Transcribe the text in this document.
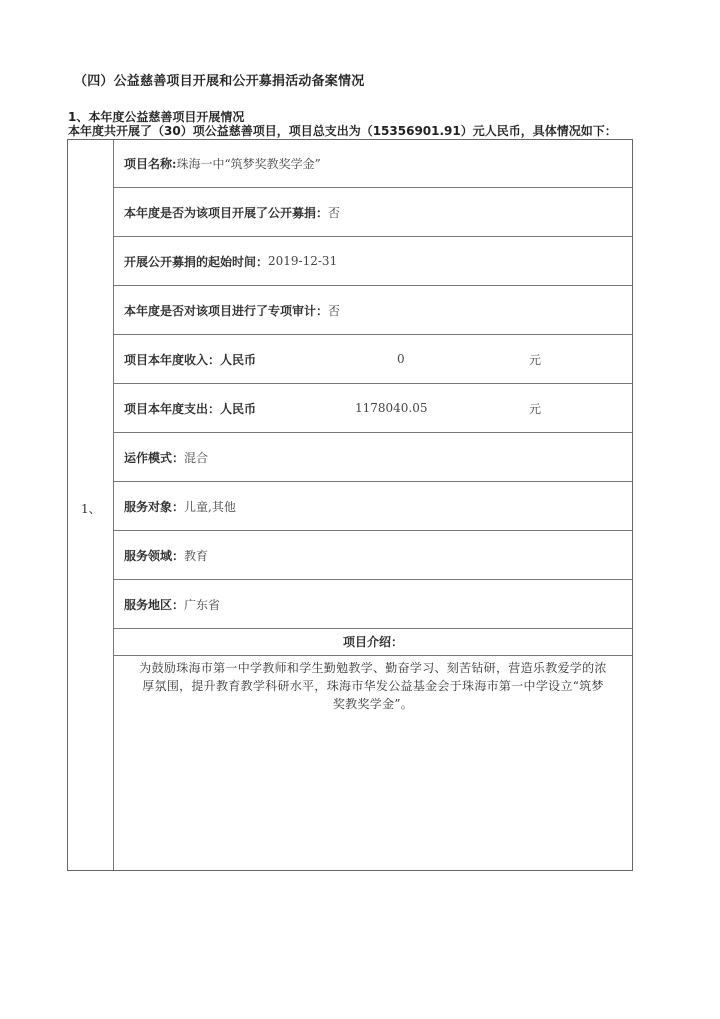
（四）公益慈善项目开展和公开募捐活动备案情况
1、本年度公益慈善项目开展情况
本年度共开展了（30）项公益慈善项目，项目总支出为（15356901.91）元人民币，具体情况如下：
1、
项目名称: 珠海一中“筑梦奖教奖学金”
本年度是否为该项目开展了公开募捐： 否
开展公开募捐的起始时间： 2019-12-31
本年度是否对该项目进行了专项审计： 否
项目本年度收入：人民币	0	元
项目本年度支出：人民币	1178040.05	元
运作模式： 混合
服务对象： 儿童,其他
服务领域： 教育
服务地区： 广东省
项目介绍：
为鼓励珠海市第一中学教师和学生勤勉教学、勤奋学习、刻苦钻研，营造乐教爱学的浓
厚氛围，提升教育教学科研水平，珠海市华发公益基金会于珠海市第一中学设立“筑梦
奖教奖学金”。
